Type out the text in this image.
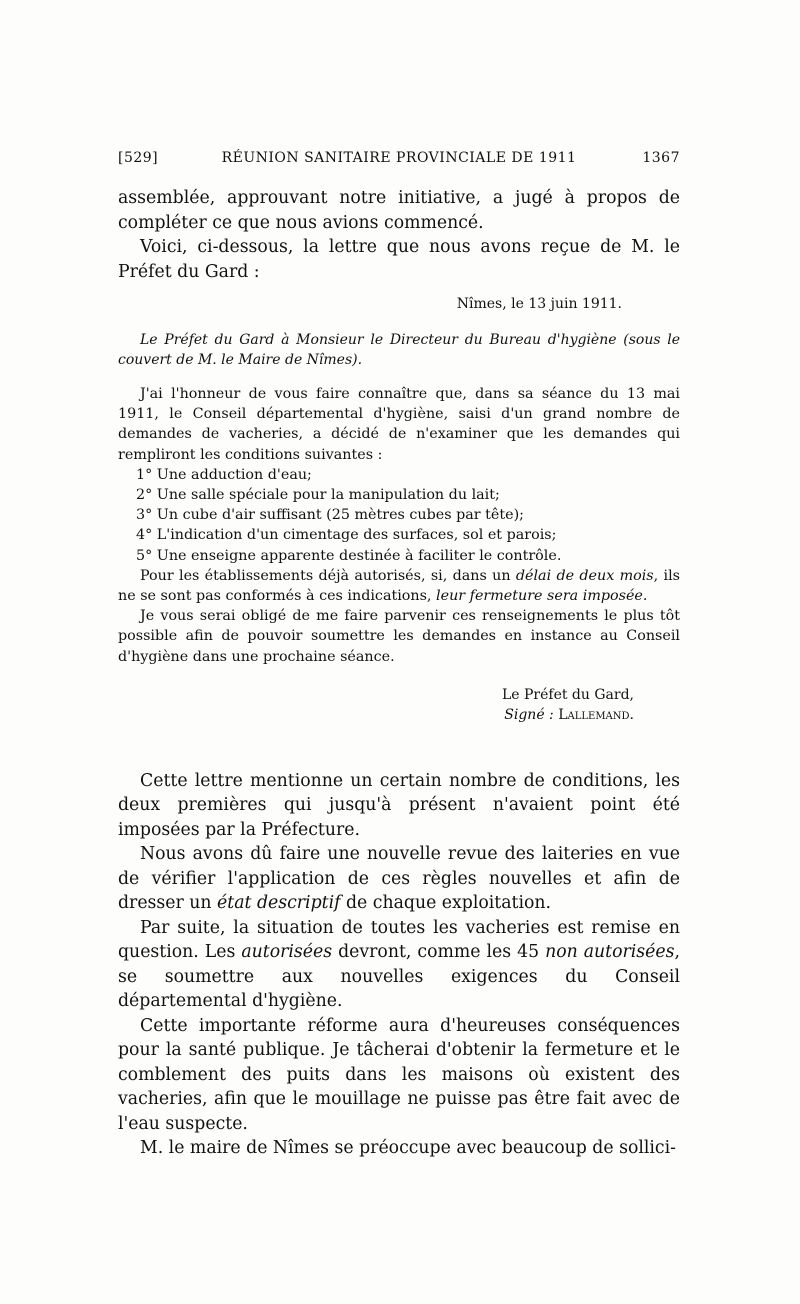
[529]	RÉUNION SANITAIRE PROVINCIALE DE 1911	1367

assemblée, approuvant notre initiative, a jugé à propos de compléter ce que nous avions commencé.

Voici, ci-dessous, la lettre que nous avons reçue de M. le Préfet du Gard :

Nîmes, le 13 juin 1911.

Le Préfet du Gard à Monsieur le Directeur du Bureau d'hygiène (sous le couvert de M. le Maire de Nîmes).

J'ai l'honneur de vous faire connaître que, dans sa séance du 13 mai 1911, le Conseil départemental d'hygiène, saisi d'un grand nombre de demandes de vacheries, a décidé de n'examiner que les demandes qui rempliront les conditions suivantes :

1° Une adduction d'eau;

2° Une salle spéciale pour la manipulation du lait;

3° Un cube d'air suffisant (25 mètres cubes par tête);

4° L'indication d'un cimentage des surfaces, sol et parois;

5° Une enseigne apparente destinée à faciliter le contrôle.

Pour les établissements déjà autorisés, si, dans un délai de deux mois, ils ne se sont pas conformés à ces indications, leur fermeture sera imposée.

Je vous serai obligé de me faire parvenir ces renseignements le plus tôt possible afin de pouvoir soumettre les demandes en instance au Conseil d'hygiène dans une prochaine séance.

Le Préfet du Gard,
Signé : Lallemand.

Cette lettre mentionne un certain nombre de conditions, les deux premières qui jusqu'à présent n'avaient point été imposées par la Préfecture.

Nous avons dû faire une nouvelle revue des laiteries en vue de vérifier l'application de ces règles nouvelles et afin de dresser un état descriptif de chaque exploitation.

Par suite, la situation de toutes les vacheries est remise en question. Les autorisées devront, comme les 45 non autorisées, se soumettre aux nouvelles exigences du Conseil départemental d'hygiène.

Cette importante réforme aura d'heureuses conséquences pour la santé publique. Je tâcherai d'obtenir la fermeture et le comblement des puits dans les maisons où existent des vacheries, afin que le mouillage ne puisse pas être fait avec de l'eau suspecte.

M. le maire de Nîmes se préoccupe avec beaucoup de sollici-
